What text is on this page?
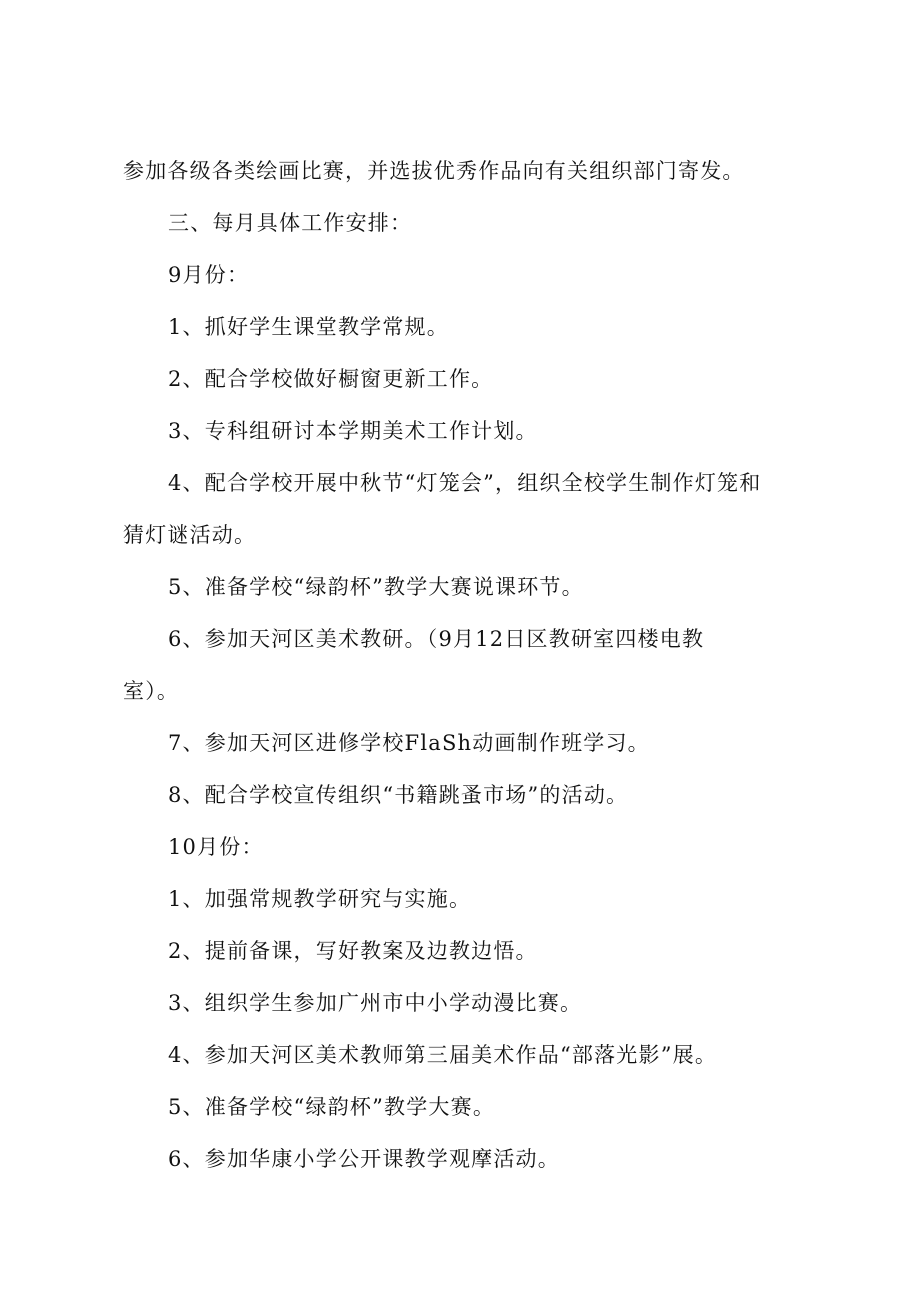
参加各级各类绘画比赛，并选拔优秀作品向有关组织部门寄发。

三、每月具体工作安排：

9月份：

1、抓好学生课堂教学常规。

2、配合学校做好橱窗更新工作。

3、专科组研讨本学期美术工作计划。

4、配合学校开展中秋节“灯笼会”，组织全校学生制作灯笼和

猜灯谜活动。

5、准备学校“绿韵杯”教学大赛说课环节。

6、参加天河区美术教研。（9月12日区教研室四楼电教

室）。

7、参加天河区进修学校FlaSh动画制作班学习。

8、配合学校宣传组织“书籍跳蚤市场”的活动。

10月份：

1、加强常规教学研究与实施。

2、提前备课，写好教案及边教边悟。

3、组织学生参加广州市中小学动漫比赛。

4、参加天河区美术教师第三届美术作品“部落光影”展。

5、准备学校“绿韵杯”教学大赛。

6、参加华康小学公开课教学观摩活动。
